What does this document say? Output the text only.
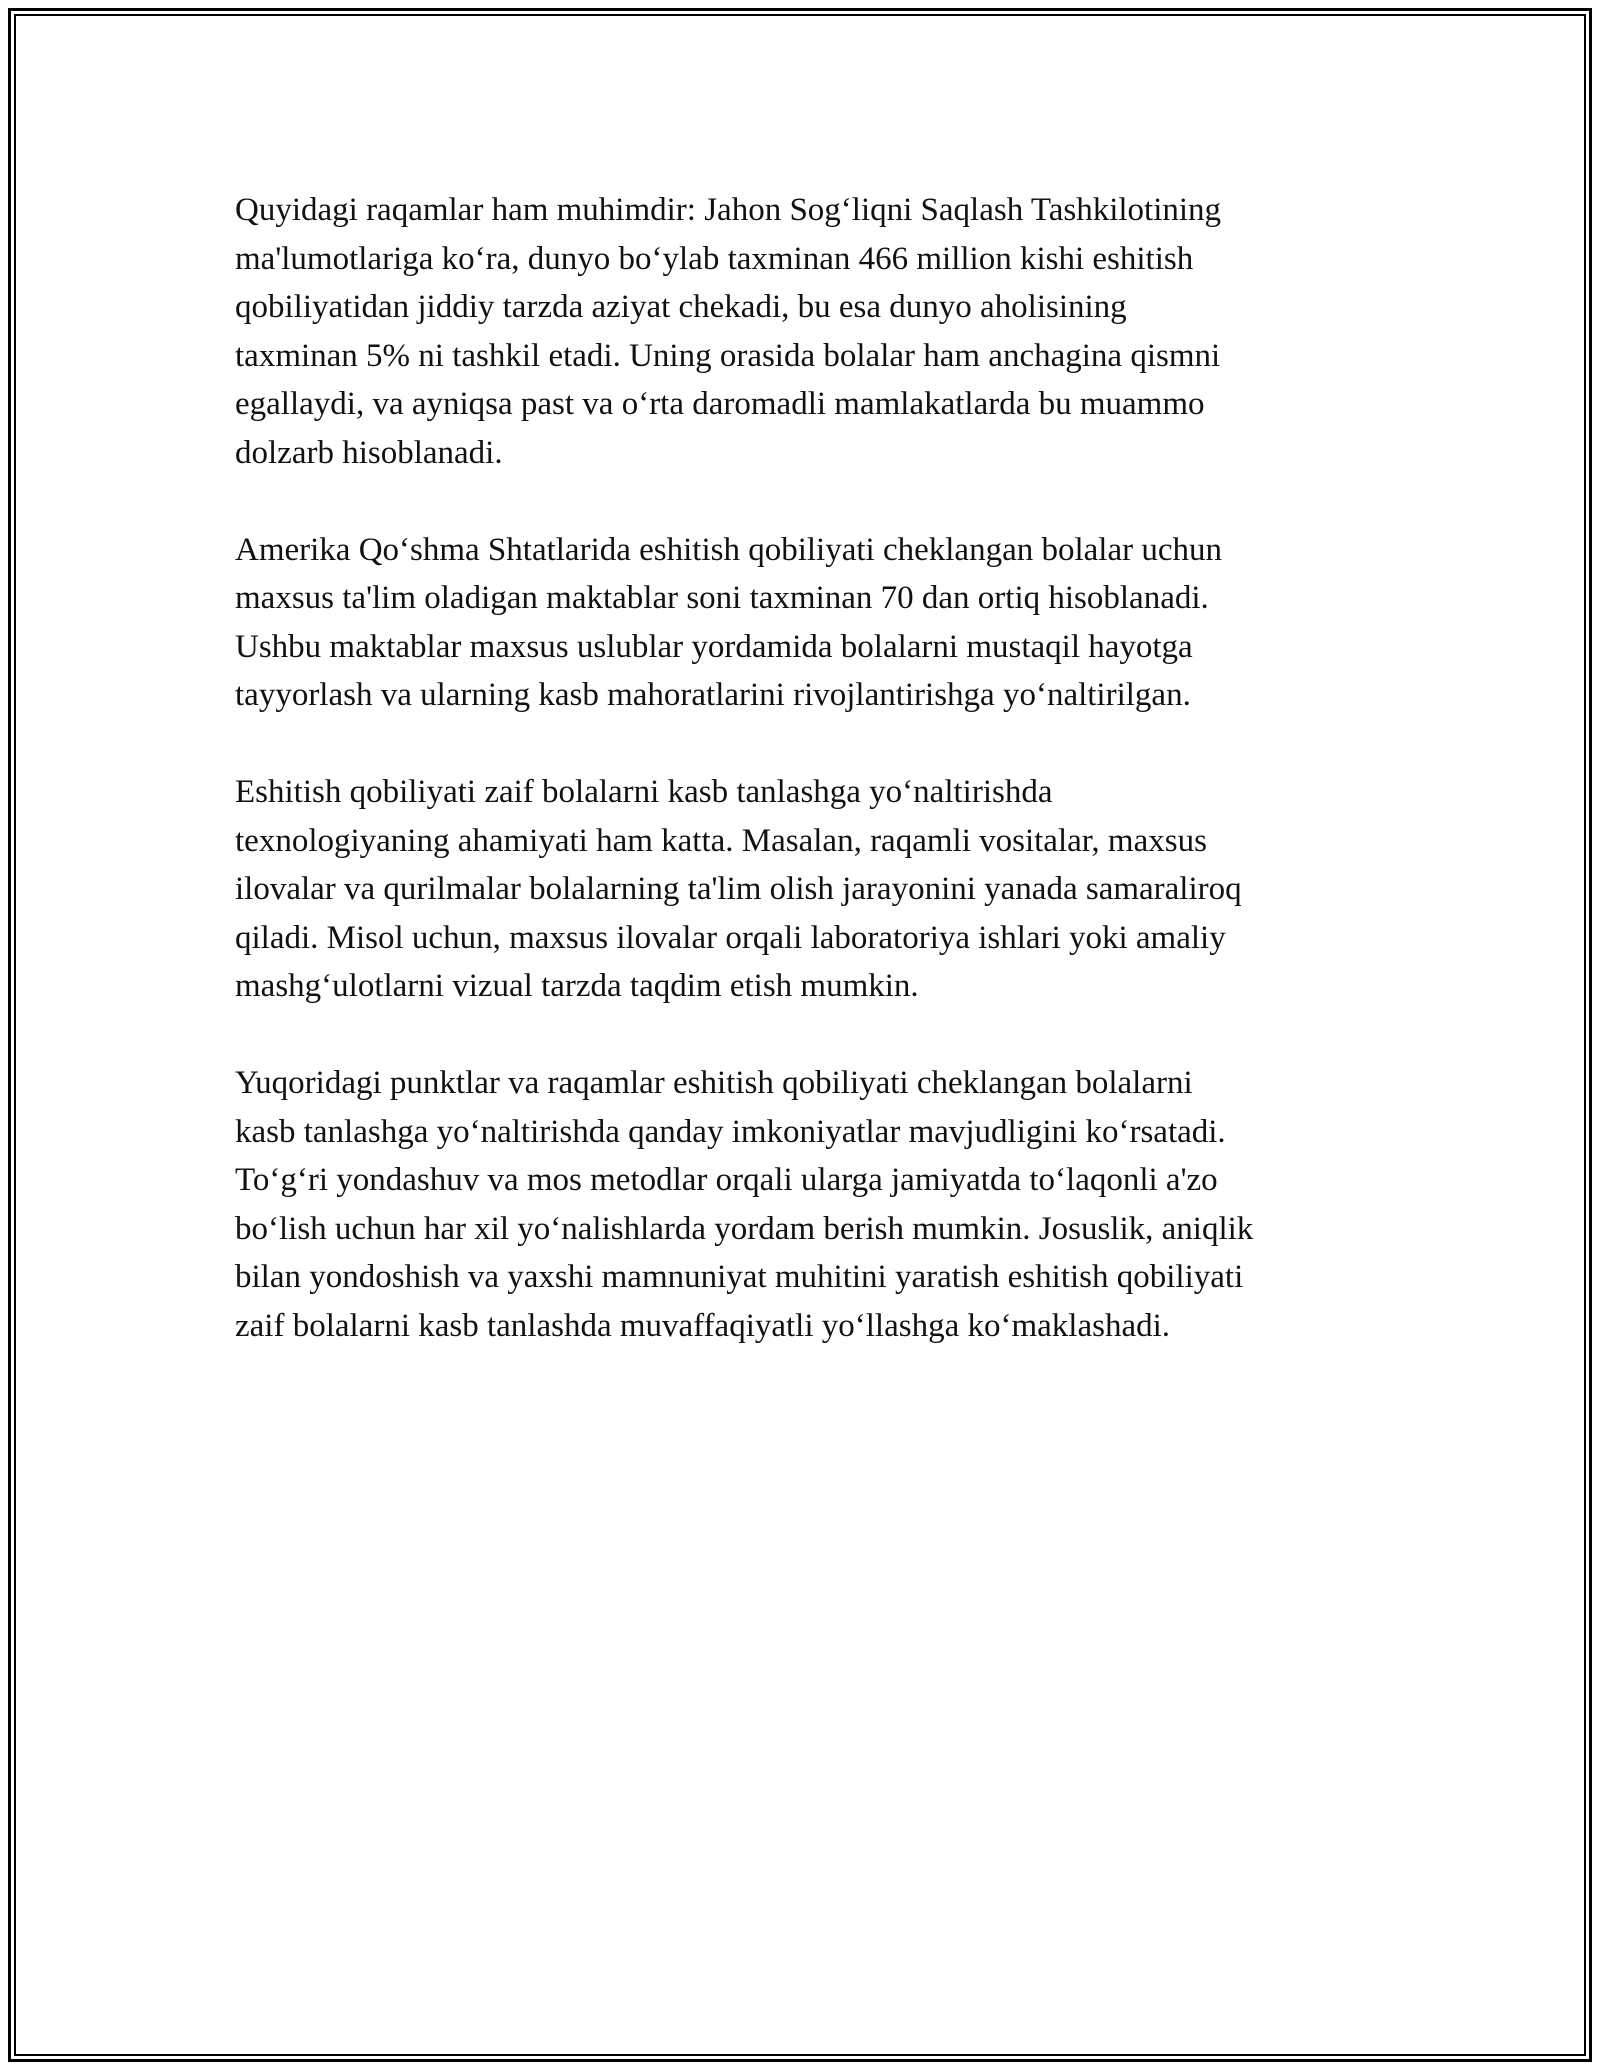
Quyidagi raqamlar ham muhimdir: Jahon Sog‘liqni Saqlash Tashkilotining
ma'lumotlariga ko‘ra, dunyo bo‘ylab taxminan 466 million kishi eshitish
qobiliyatidan jiddiy tarzda aziyat chekadi, bu esa dunyo aholisining
taxminan 5% ni tashkil etadi. Uning orasida bolalar ham anchagina qismni
egallaydi, va ayniqsa past va o‘rta daromadli mamlakatlarda bu muammo
dolzarb hisoblanadi.

Amerika Qo‘shma Shtatlarida eshitish qobiliyati cheklangan bolalar uchun
maxsus ta'lim oladigan maktablar soni taxminan 70 dan ortiq hisoblanadi.
Ushbu maktablar maxsus uslublar yordamida bolalarni mustaqil hayotga
tayyorlash va ularning kasb mahoratlarini rivojlantirishga yo‘naltirilgan.

Eshitish qobiliyati zaif bolalarni kasb tanlashga yo‘naltirishda
texnologiyaning ahamiyati ham katta. Masalan, raqamli vositalar, maxsus
ilovalar va qurilmalar bolalarning ta'lim olish jarayonini yanada samaraliroq
qiladi. Misol uchun, maxsus ilovalar orqali laboratoriya ishlari yoki amaliy
mashg‘ulotlarni vizual tarzda taqdim etish mumkin.

Yuqoridagi punktlar va raqamlar eshitish qobiliyati cheklangan bolalarni
kasb tanlashga yo‘naltirishda qanday imkoniyatlar mavjudligini ko‘rsatadi.
To‘g‘ri yondashuv va mos metodlar orqali ularga jamiyatda to‘laqonli a'zo
bo‘lish uchun har xil yo‘nalishlarda yordam berish mumkin. Josuslik, aniqlik
bilan yondoshish va yaxshi mamnuniyat muhitini yaratish eshitish qobiliyati
zaif bolalarni kasb tanlashda muvaffaqiyatli yo‘llashga ko‘maklashadi.
